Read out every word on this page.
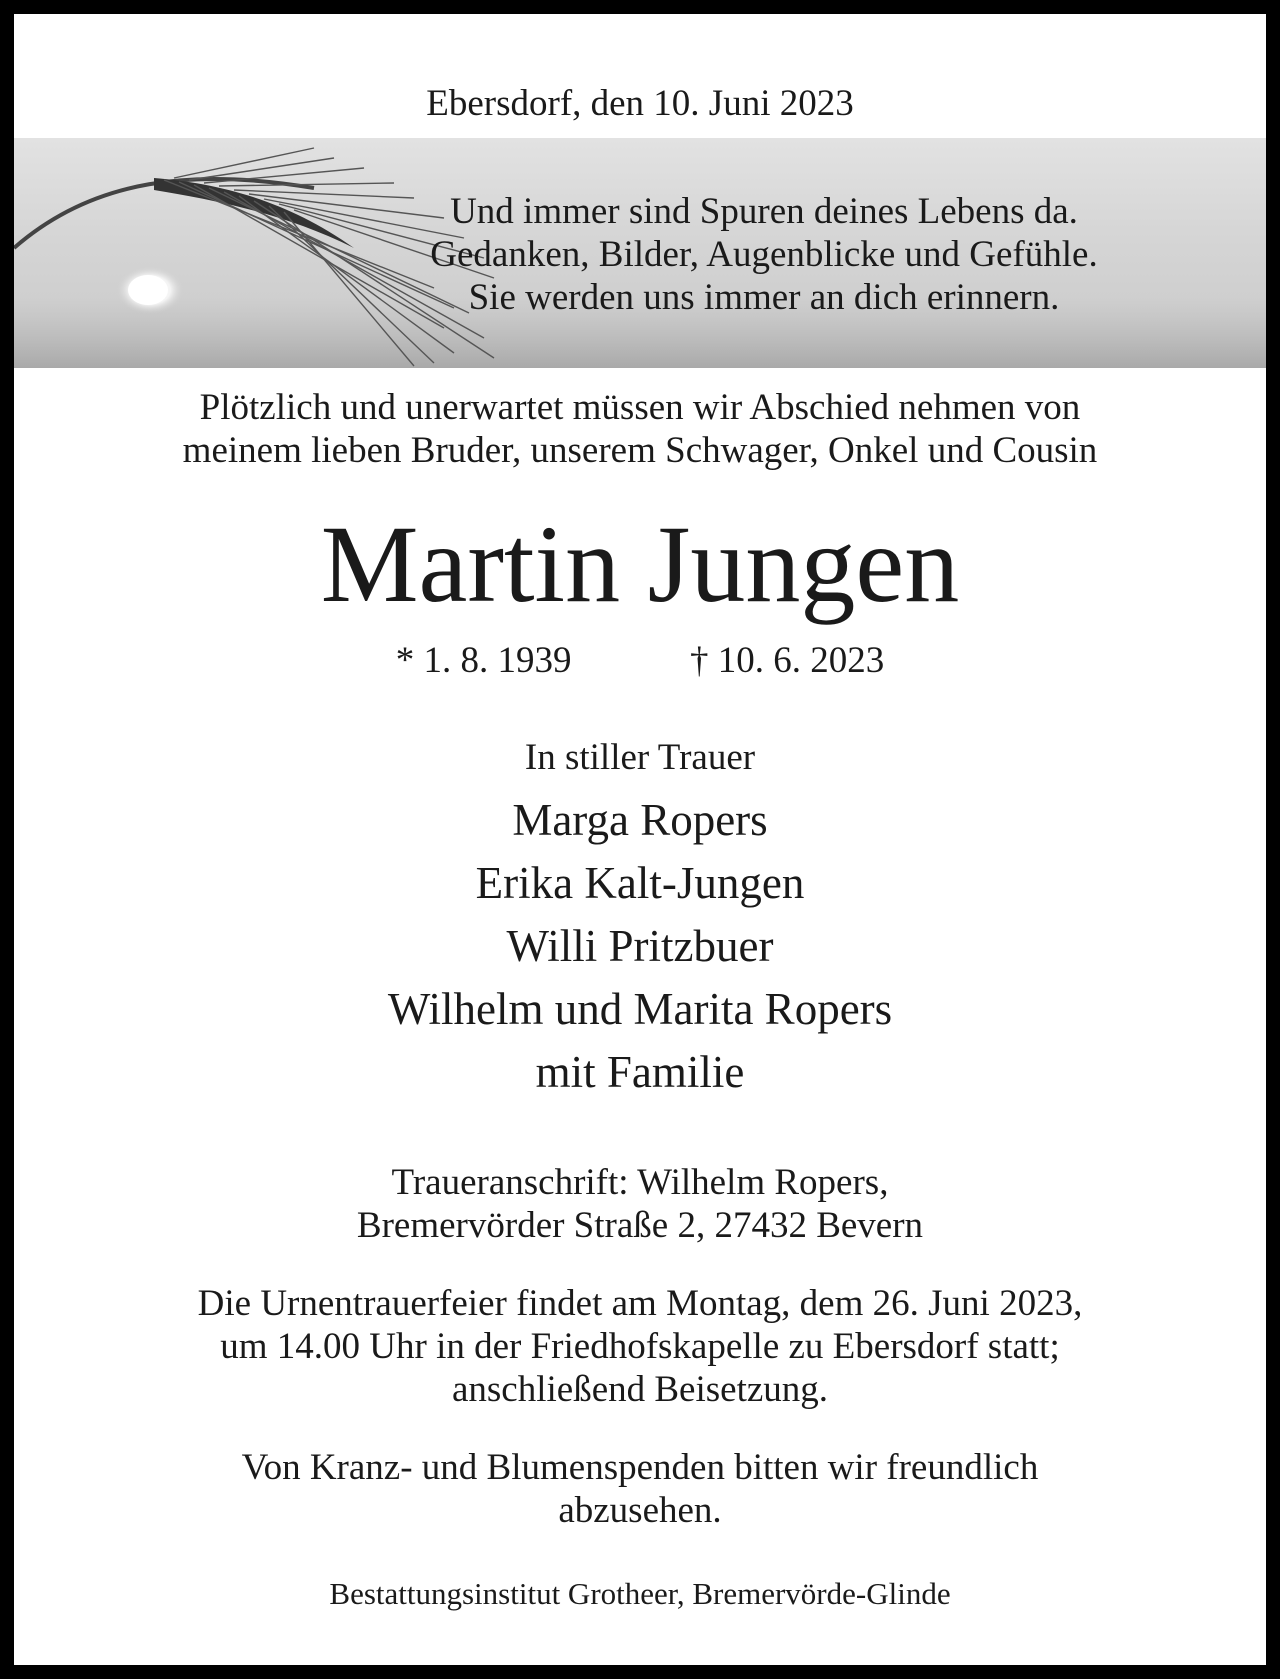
Ebersdorf, den 10. Juni 2023
Und immer sind Spuren deines Lebens da.
Gedanken, Bilder, Augenblicke und Gefühle.
Sie werden uns immer an dich erinnern.
Plötzlich und unerwartet müssen wir Abschied nehmen von
meinem lieben Bruder, unserem Schwager, Onkel und Cousin
Martin Jungen
* 1. 8. 1939	† 10. 6. 2023
In stiller Trauer
Marga Ropers
Erika Kalt-Jungen
Willi Pritzbuer
Wilhelm und Marita Ropers
mit Familie
Traueranschrift: Wilhelm Ropers,
Bremervörder Straße 2, 27432 Bevern
Die Urnentrauerfeier findet am Montag, dem 26. Juni 2023,
um 14.00 Uhr in der Friedhofskapelle zu Ebersdorf statt;
anschließend Beisetzung.
Von Kranz- und Blumenspenden bitten wir freundlich
abzusehen.
Bestattungsinstitut Grotheer, Bremervörde-Glinde
